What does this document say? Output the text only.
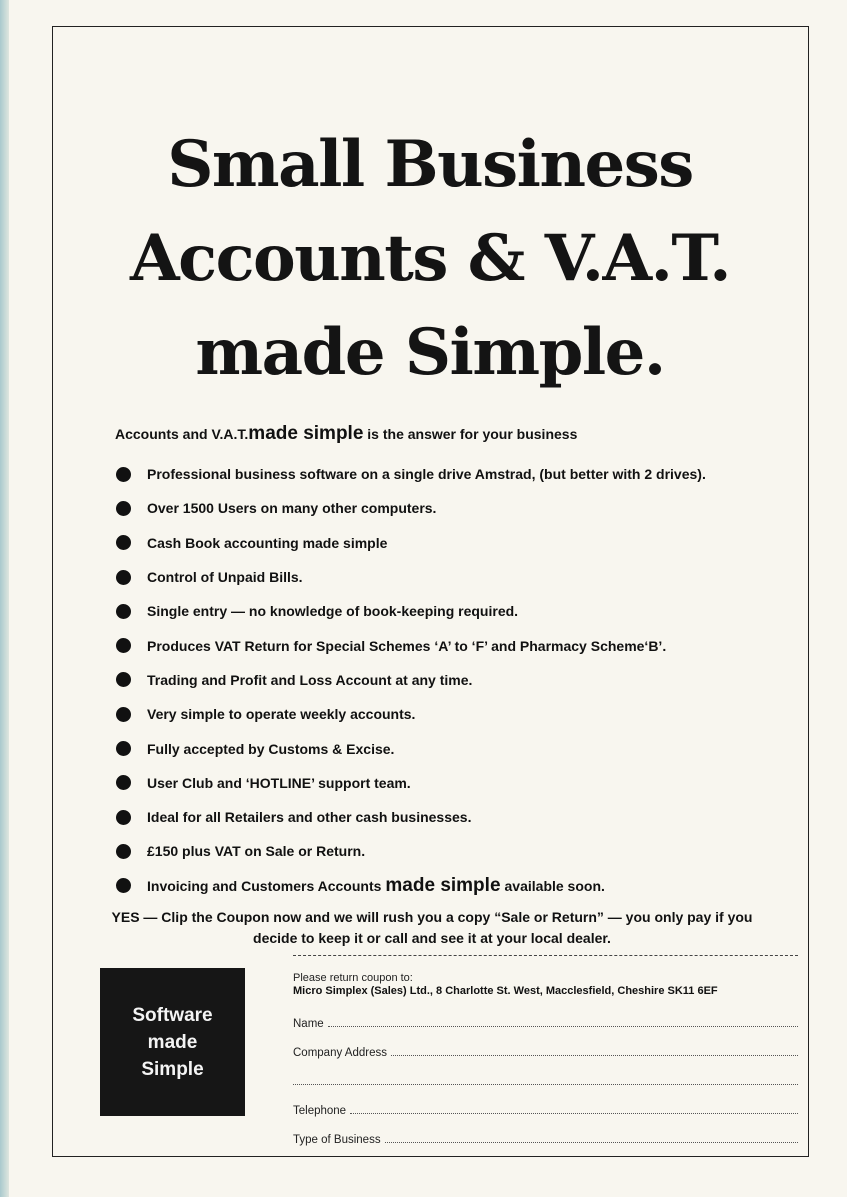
Small Business
Accounts & V.A.T.
made Simple.
Accounts and V.A.T.made simple is the answer for your business
Professional business software on a single drive Amstrad, (but better with 2 drives).
Over 1500 Users on many other computers.
Cash Book accounting made simple
Control of Unpaid Bills.
Single entry — no knowledge of book-keeping required.
Produces VAT Return for Special Schemes ‘A’ to ‘F’ and Pharmacy Scheme‘B’.
Trading and Profit and Loss Account at any time.
Very simple to operate weekly accounts.
Fully accepted by Customs & Excise.
User Club and ‘HOTLINE’ support team.
Ideal for all Retailers and other cash businesses.
£150 plus VAT on Sale or Return.
Invoicing and Customers Accounts made simple available soon.
YES — Clip the Coupon now and we will rush you a copy “Sale or Return” — you only pay if you
decide to keep it or call and see it at your local dealer.
Software
made
Simple
Please return coupon to:
Micro Simplex (Sales) Ltd., 8 Charlotte St. West, Macclesfield, Cheshire SK11 6EF
Name
Company Address
Telephone
Type of Business
